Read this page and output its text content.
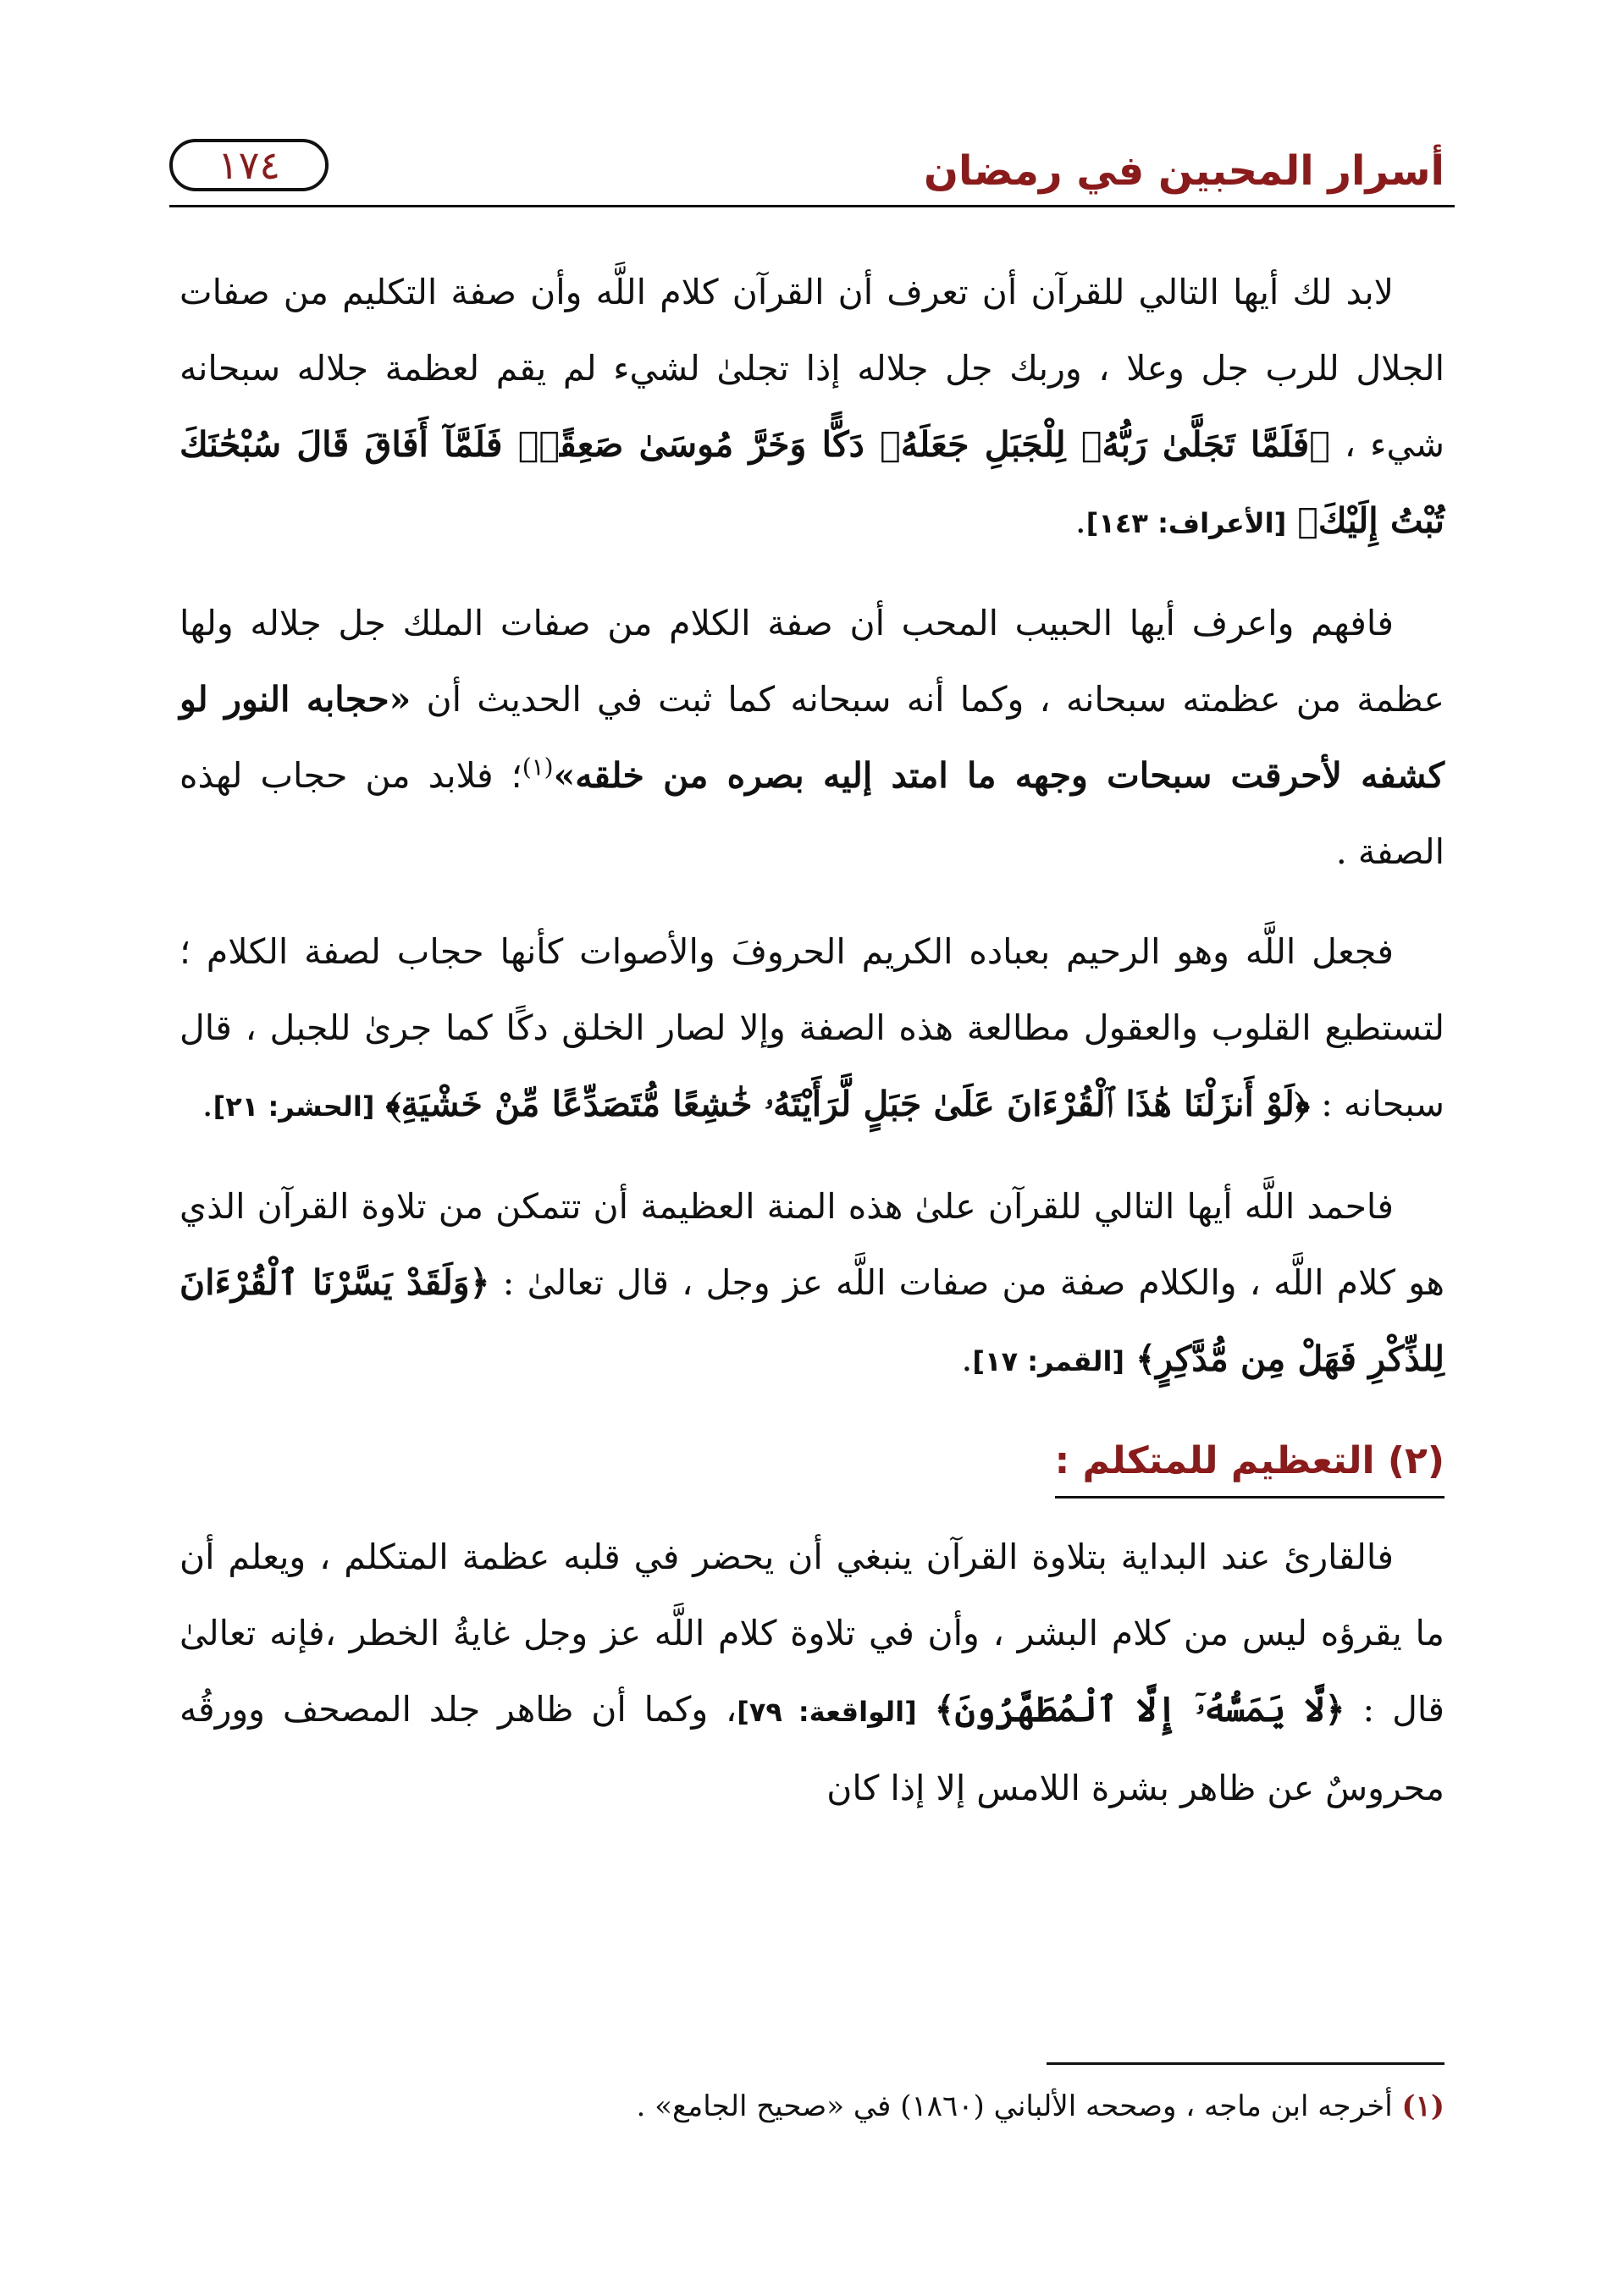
أسرار المحبين في رمضان
١٧٤

لابد لك أيها التالي للقرآن أن تعرف أن القرآن كلام اللَّه وأن صفة التكليم من صفات الجلال للرب جل وعلا ، وربك جل جلاله إذا تجلىٰ لشيء لم يقم لعظمة جلاله سبحانه شيء ، ﴿فَلَمَّا تَجَلَّىٰ رَبُّهُۥ لِلْجَبَلِ جَعَلَهُۥ دَكًّا وَخَرَّ مُوسَىٰ صَعِقًاۚ فَلَمَّآ أَفَاقَ قَالَ سُبْحَٰنَكَ تُبْتُ إِلَيْكَ﴾ [الأعراف: ١٤٣].

فافهم واعرف أيها الحبيب المحب أن صفة الكلام من صفات الملك جل جلاله ولها عظمة من عظمته سبحانه ، وكما أنه سبحانه كما ثبت في الحديث أن «حجابه النور لو كشفه لأحرقت سبحات وجهه ما امتد إليه بصره من خلقه»$^{(١)}$؛ فلابد من حجاب لهذه الصفة .

فجعل اللَّه وهو الرحيم بعباده الكريم الحروفَ والأصوات كأنها حجاب لصفة الكلام ؛ لتستطيع القلوب والعقول مطالعة هذه الصفة وإلا لصار الخلق دكًا كما جرىٰ للجبل ، قال سبحانه : ﴿لَوْ أَنزَلْنَا هَٰذَا ٱلْقُرْءَانَ عَلَىٰ جَبَلٍ لَّرَأَيْتَهُۥ خَٰشِعًا مُّتَصَدِّعًا مِّنْ خَشْيَةِ﴾ [الحشر: ٢١].

فاحمد اللَّه أيها التالي للقرآن علىٰ هذه المنة العظيمة أن تتمكن من تلاوة القرآن الذي هو كلام اللَّه ، والكلام صفة من صفات اللَّه عز وجل ، قال تعالىٰ : ﴿وَلَقَدْ يَسَّرْنَا ٱلْقُرْءَانَ لِلذِّكْرِ فَهَلْ مِن مُّدَّكِرٍ﴾ [القمر: ١٧].

(٢) التعظيم للمتكلم :

فالقارئ عند البداية بتلاوة القرآن ينبغي أن يحضر في قلبه عظمة المتكلم ، ويعلم أن ما يقرؤه ليس من كلام البشر ، وأن في تلاوة كلام اللَّه عز وجل غايةُ الخطر ،فإنه تعالىٰ قال : ﴿لَّا يَمَسُّهُۥٓ إِلَّا ٱلْمُطَهَّرُونَ﴾ [الواقعة: ٧٩]، وكما أن ظاهر جلد المصحف وورقُه محروسٌ عن ظاهر بشرة اللامس إلا إذا كان

(١) أخرجه ابن ماجه ، وصححه الألباني (١٨٦٠) في «صحيح الجامع» .
